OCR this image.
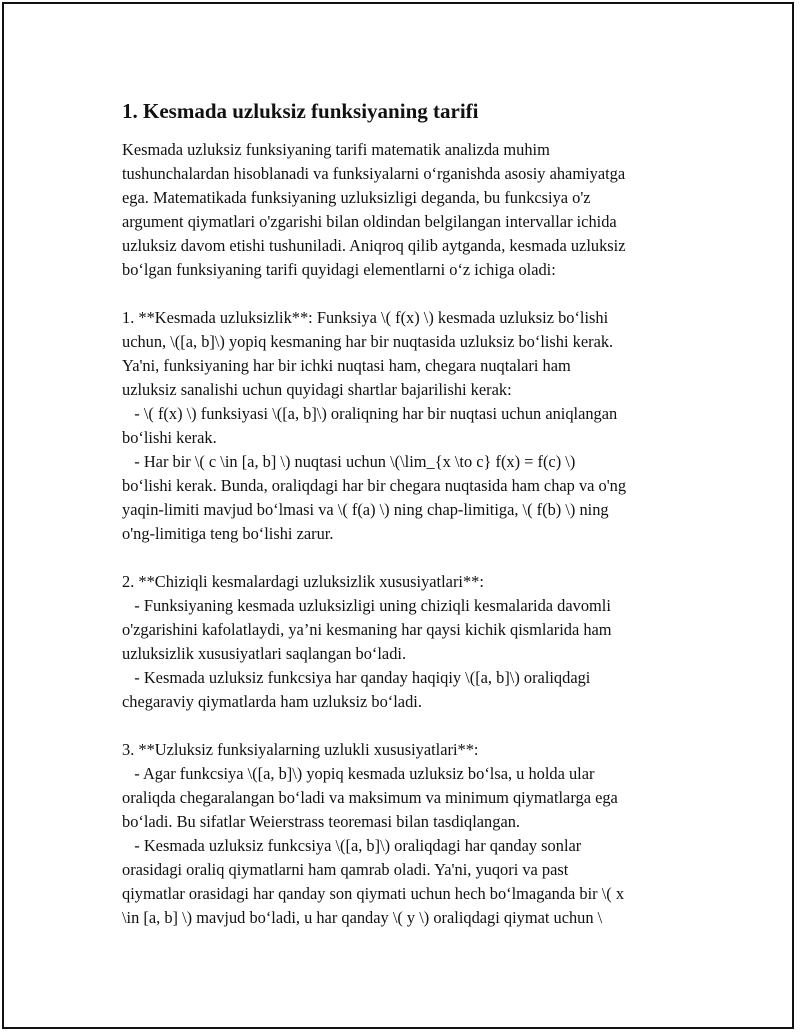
1. Kesmada uzluksiz funksiyaning tarifi
Kesmada uzluksiz funksiyaning tarifi matematik analizda muhim
tushunchalardan hisoblanadi va funksiyalarni o‘rganishda asosiy ahamiyatga
ega. Matematikada funksiyaning uzluksizligi deganda, bu funkcsiya o'z
argument qiymatlari o'zgarishi bilan oldindan belgilangan intervallar ichida
uzluksiz davom etishi tushuniladi. Aniqroq qilib aytganda, kesmada uzluksiz
bo‘lgan funksiyaning tarifi quyidagi elementlarni o‘z ichiga oladi:
1. **Kesmada uzluksizlik**: Funksiya \( f(x) \) kesmada uzluksiz bo‘lishi
uchun, \([a, b]\) yopiq kesmaning har bir nuqtasida uzluksiz bo‘lishi kerak.
Ya'ni, funksiyaning har bir ichki nuqtasi ham, chegara nuqtalari ham
uzluksiz sanalishi uchun quyidagi shartlar bajarilishi kerak:
- \( f(x) \) funksiyasi \([a, b]\) oraliqning har bir nuqtasi uchun aniqlangan
bo‘lishi kerak.
- Har bir \( c \in [a, b] \) nuqtasi uchun \(\lim_{x \to c} f(x) = f(c) \)
bo‘lishi kerak. Bunda, oraliqdagi har bir chegara nuqtasida ham chap va o'ng
yaqin-limiti mavjud bo‘lmasi va \( f(a) \) ning chap-limitiga, \( f(b) \) ning
o'ng-limitiga teng bo‘lishi zarur.
2. **Chiziqli kesmalardagi uzluksizlik xususiyatlari**:
- Funksiyaning kesmada uzluksizligi uning chiziqli kesmalarida davomli
o'zgarishini kafolatlaydi, ya’ni kesmaning har qaysi kichik qismlarida ham
uzluksizlik xususiyatlari saqlangan bo‘ladi.
- Kesmada uzluksiz funkcsiya har qanday haqiqiy \([a, b]\) oraliqdagi
chegaraviy qiymatlarda ham uzluksiz bo‘ladi.
3. **Uzluksiz funksiyalarning uzlukli xususiyatlari**:
- Agar funkcsiya \([a, b]\) yopiq kesmada uzluksiz bo‘lsa, u holda ular
oraliqda chegaralangan bo‘ladi va maksimum va minimum qiymatlarga ega
bo‘ladi. Bu sifatlar Weierstrass teoremasi bilan tasdiqlangan.
- Kesmada uzluksiz funkcsiya \([a, b]\) oraliqdagi har qanday sonlar
orasidagi oraliq qiymatlarni ham qamrab oladi. Ya'ni, yuqori va past
qiymatlar orasidagi har qanday son qiymati uchun hech bo‘lmaganda bir \( x
\in [a, b] \) mavjud bo‘ladi, u har qanday \( y \) oraliqdagi qiymat uchun \
